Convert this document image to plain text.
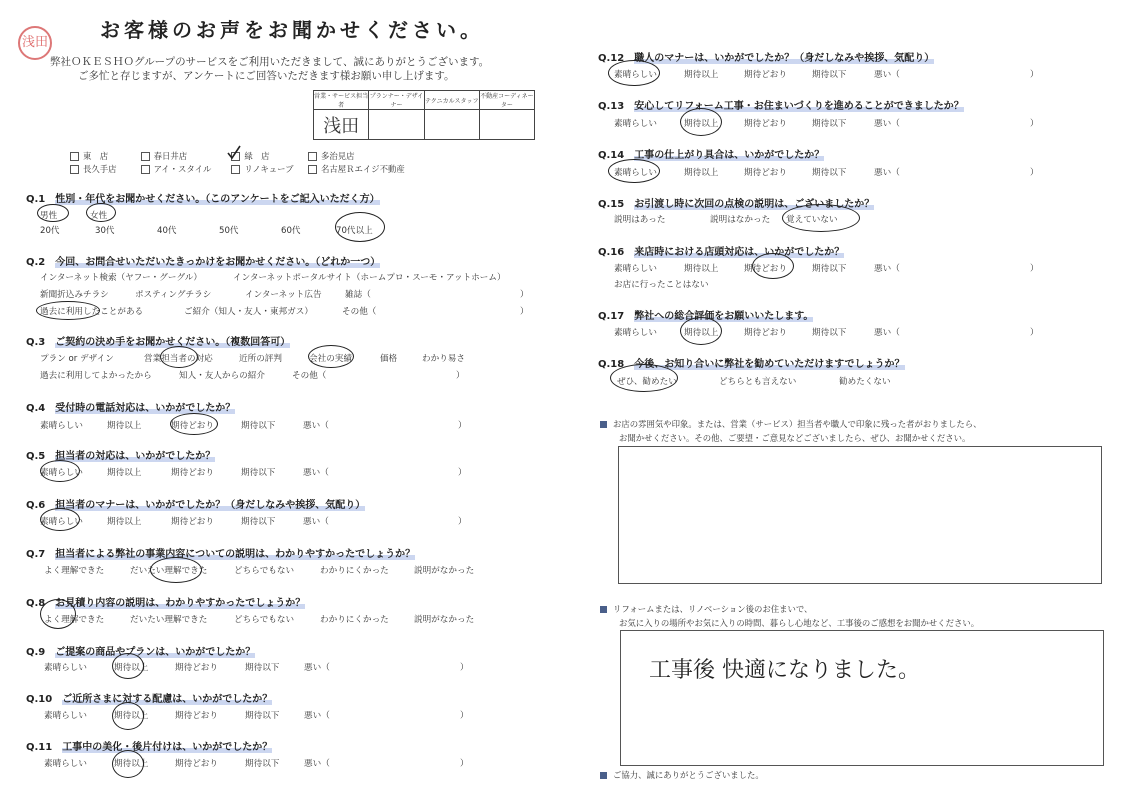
浅田
お客様のお声をお聞かせください。
弊社ＯＫＥＳＨＯグループのサービスをご利用いただきまして、誠にありがとうございます。
ご多忙と存じますが、アンケートにご回答いただきます様お願い申し上げます。
営業・サービス担当者	プランナー・デザイナー	テクニカルスタッフ	不動産コーディネーター
浅田			
東　店	春日井店	緑　店	多治見店
長久手店	アイ・スタイル	リノキューブ	名古屋Ｒエイジ不動産
Q.1 性別・年代をお聞かせください。（このアンケートをご記入いただく方）
男性	女性
20代	30代	40代	50代	60代	70代以上
Q.2 今回、お問合せいただいたきっかけをお聞かせください。（どれか一つ）
インターネット検索（ヤフー・グーグル）	インターネットポータルサイト（ホームプロ・スーモ・アットホーム）
新聞折込みチラシ	ポスティングチラシ	インターネット広告	雑誌（	）
過去に利用したことがある	ご紹介（知人・友人・東邦ガス）	その他（	）
Q.3 ご契約の決め手をお聞かせください。（複数回答可）
プラン or デザイン	営業担当者の対応	近所の評判	会社の実績	価格	わかり易さ
過去に利用してよかったから	知人・友人からの紹介	その他（	）
Q.4 受付時の電話対応は、いかがでしたか？
素晴らしい	期待以上	期待どおり	期待以下	悪い（	）
Q.5 担当者の対応は、いかがでしたか？
素晴らしい	期待以上	期待どおり	期待以下	悪い（	）
Q.6 担当者のマナーは、いかがでしたか？（身だしなみや挨拶、気配り）
素晴らしい	期待以上	期待どおり	期待以下	悪い（	）
Q.7 担当者による弊社の事業内容についての説明は、わかりやすかったでしょうか？
よく理解できた	だいたい理解できた	どちらでもない	わかりにくかった	説明がなかった
Q.8 お見積り内容の説明は、わかりやすかったでしょうか？
よく理解できた	だいたい理解できた	どちらでもない	わかりにくかった	説明がなかった
Q.9 ご提案の商品やプランは、いかがでしたか？
素晴らしい	期待以上	期待どおり	期待以下	悪い（	）
Q.10 ご近所さまに対する配慮は、いかがでしたか？
素晴らしい	期待以上	期待どおり	期待以下	悪い（	）
Q.11 工事中の美化・後片付けは、いかがでしたか？
素晴らしい	期待以上	期待どおり	期待以下	悪い（	）
Q.12 職人のマナーは、いかがでしたか？（身だしなみや挨拶、気配り）
素晴らしい	期待以上	期待どおり	期待以下	悪い（	）
Q.13 安心してリフォーム工事・お住まいづくりを進めることができましたか？
素晴らしい	期待以上	期待どおり	期待以下	悪い（	）
Q.14 工事の仕上がり具合は、いかがでしたか？
素晴らしい	期待以上	期待どおり	期待以下	悪い（	）
Q.15 お引渡し時に次回の点検の説明は、ございましたか？
説明はあった	説明はなかった 覚えていない
Q.16 来店時における店頭対応は、いかがでしたか？
素晴らしい	期待以上	期待どおり	期待以下	悪い（	）
お店に行ったことはない
Q.17 弊社への総合評価をお願いいたします。
素晴らしい	期待以上	期待どおり	期待以下	悪い（	）
Q.18 今後、お知り合いに弊社を勧めていただけますでしょうか？
ぜひ、勧めたい	どちらとも言えない	勧めたくない
お店の雰囲気や印象。または、営業（サービス）担当者や職人で印象に残った者がおりましたら、
お聞かせください。その他、ご要望・ご意見などございましたら、ぜひ、お聞かせください。
リフォームまたは、リノベーション後のお住まいで、
お気に入りの場所やお気に入りの時間、暮らし心地など、工事後のご感想をお聞かせください。
工事後 快適になりました。
ご協力、誠にありがとうございました。
